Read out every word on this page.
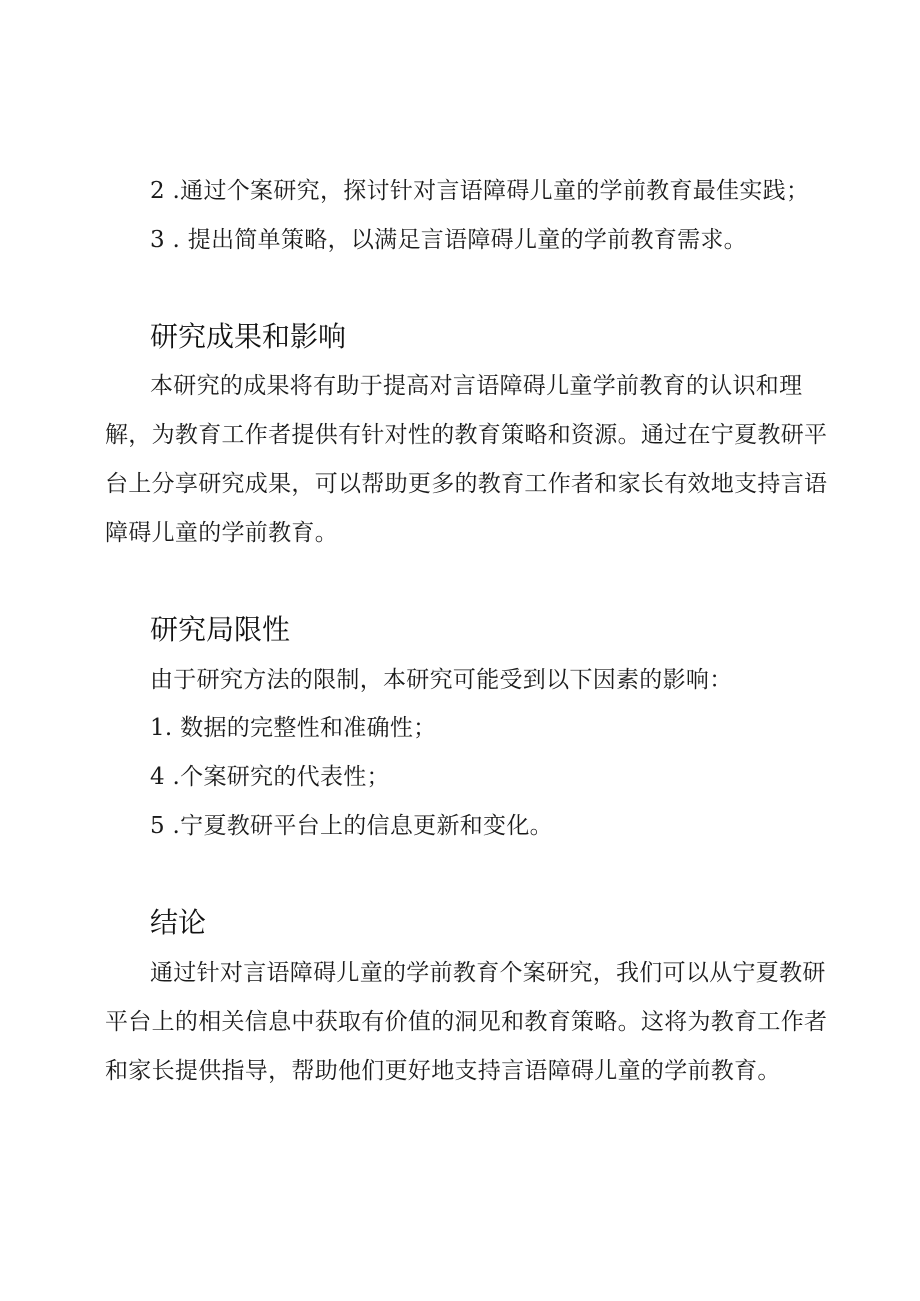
2 .通过个案研究，探讨针对言语障碍儿童的学前教育最佳实践；
3 . 提出简单策略，以满足言语障碍儿童的学前教育需求。
研究成果和影响
本研究的成果将有助于提高对言语障碍儿童学前教育的认识和理
解，为教育工作者提供有针对性的教育策略和资源。通过在宁夏教研平
台上分享研究成果，可以帮助更多的教育工作者和家长有效地支持言语
障碍儿童的学前教育。
研究局限性
由于研究方法的限制，本研究可能受到以下因素的影响：
1. 数据的完整性和准确性；
4 .个案研究的代表性；
5 .宁夏教研平台上的信息更新和变化。
结论
通过针对言语障碍儿童的学前教育个案研究，我们可以从宁夏教研
平台上的相关信息中获取有价值的洞见和教育策略。这将为教育工作者
和家长提供指导，帮助他们更好地支持言语障碍儿童的学前教育。
